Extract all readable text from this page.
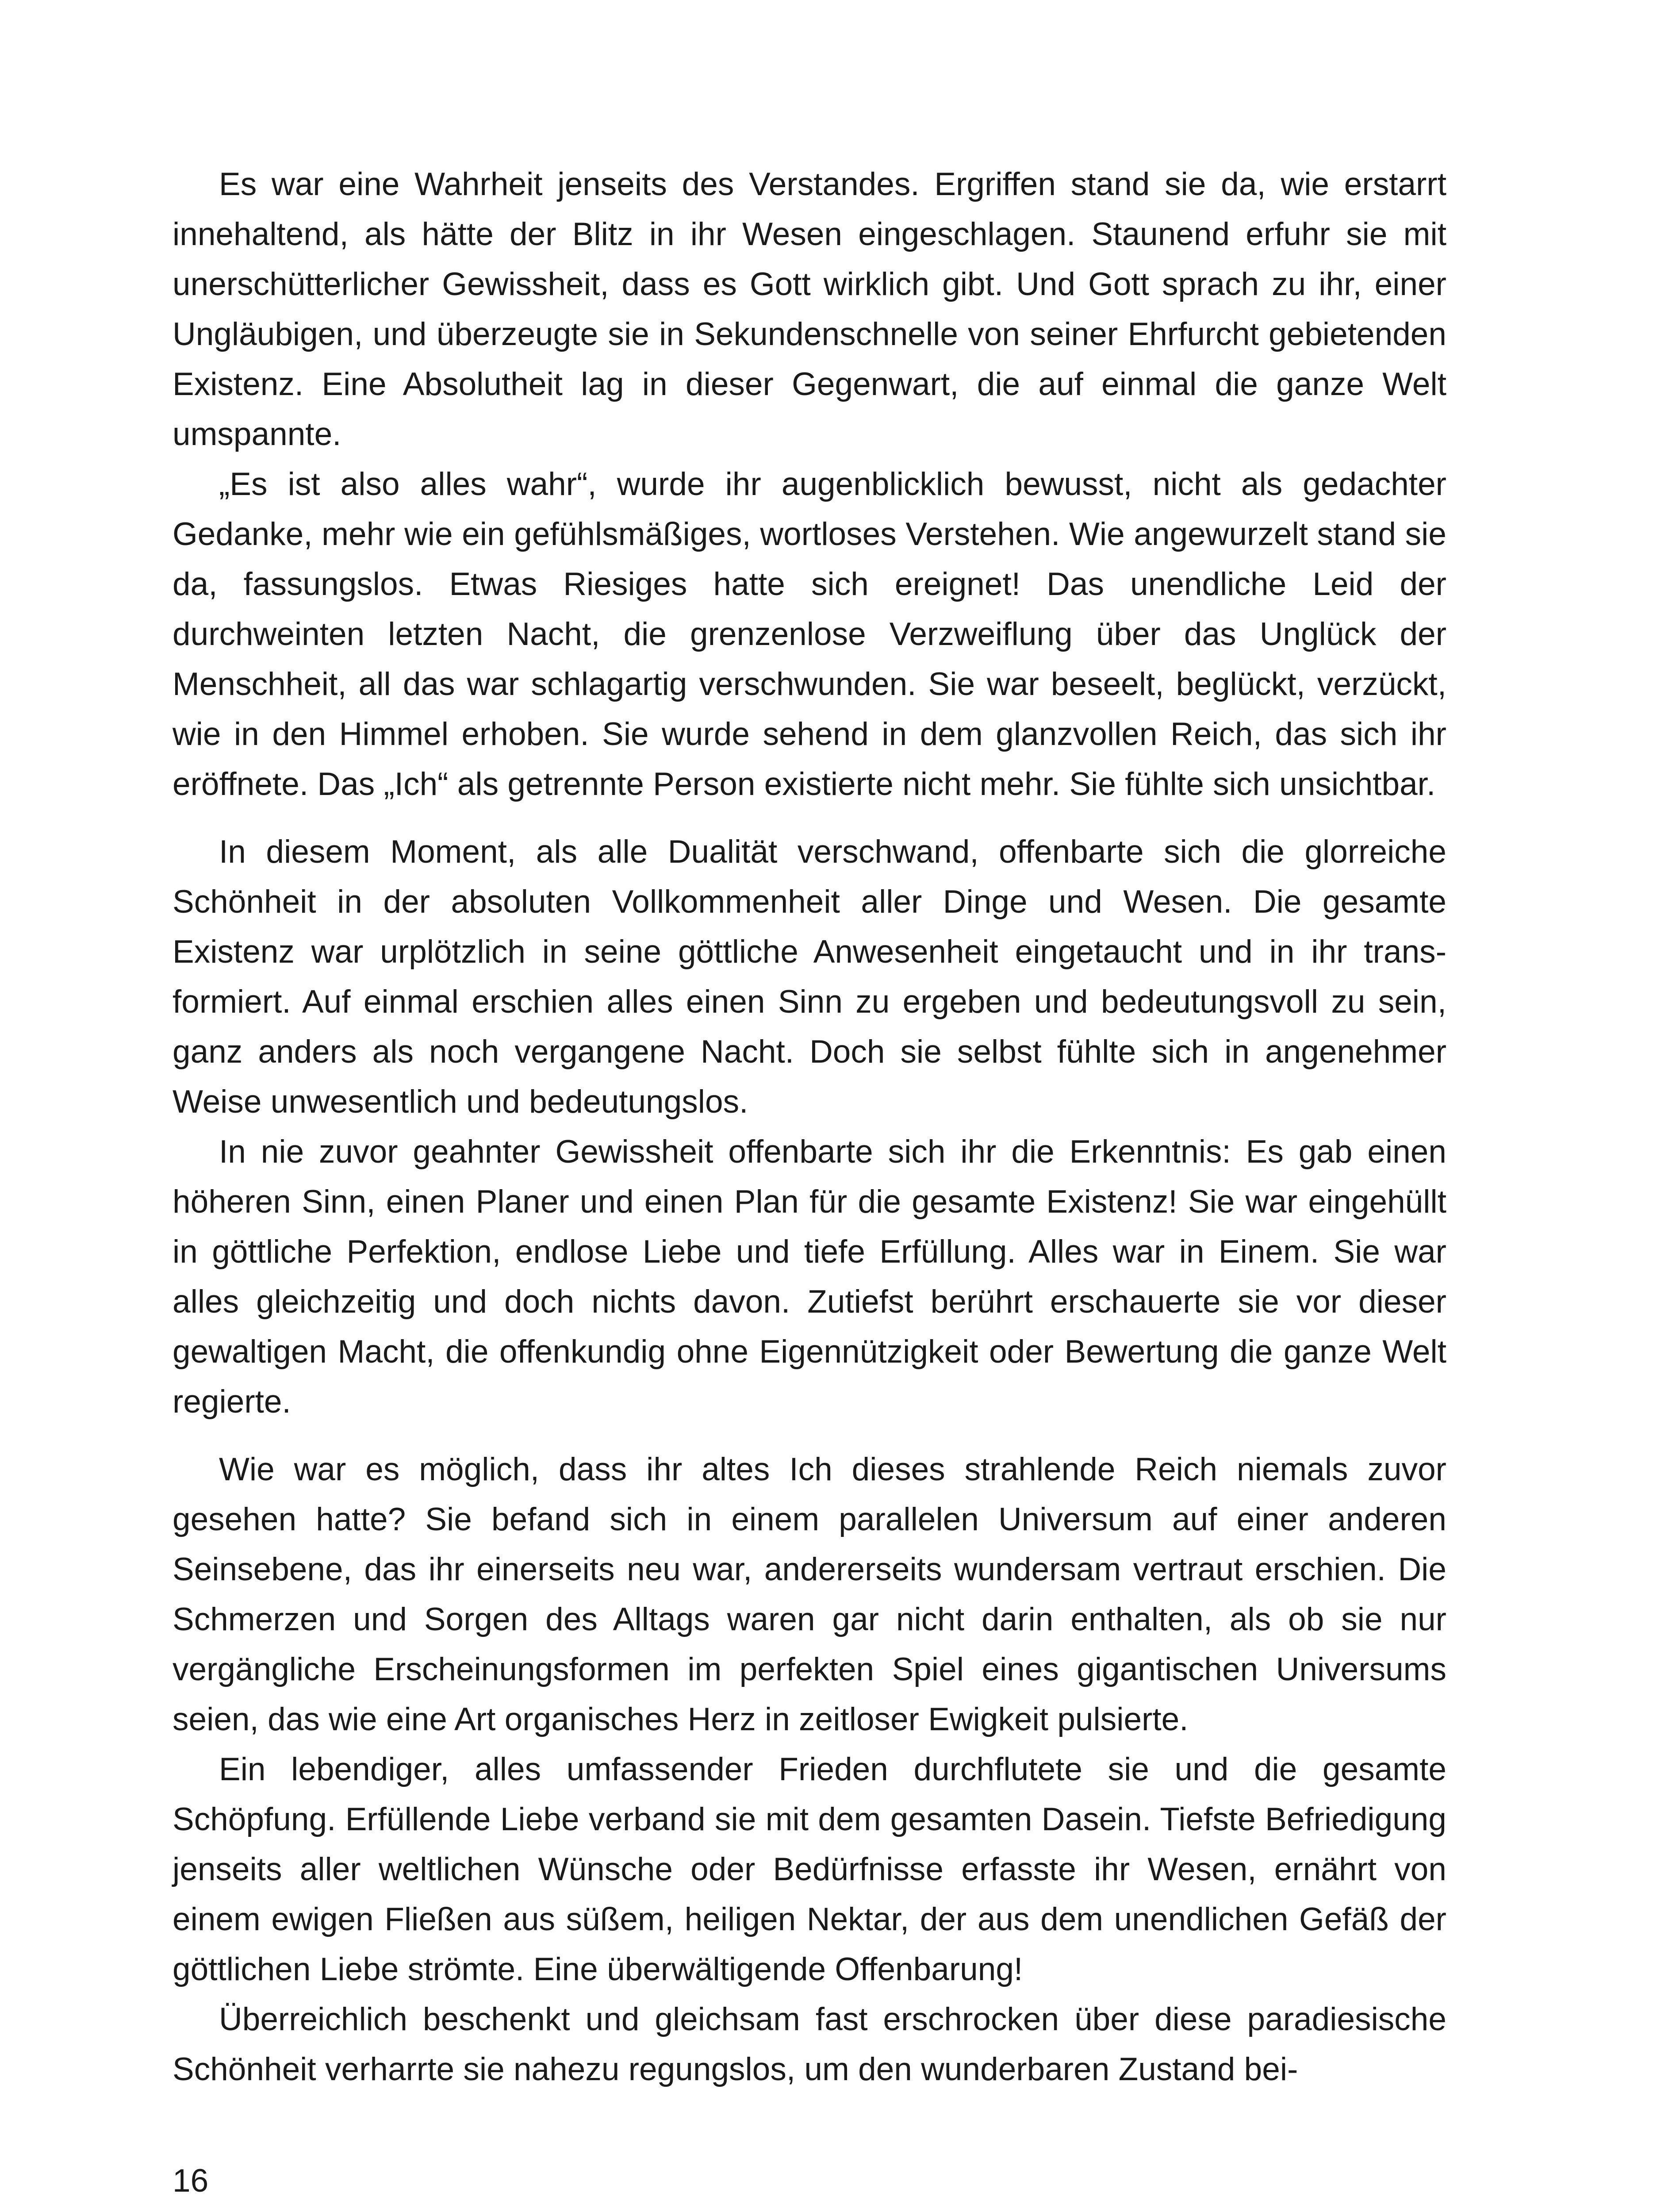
Es war eine Wahrheit jenseits des Verstandes. Ergriffen stand sie da, wie erstarrt innehaltend, als hätte der Blitz in ihr Wesen eingeschlagen. Staunend erfuhr sie mit unerschütterlicher Gewissheit, dass es Gott wirklich gibt. Und Gott sprach zu ihr, einer Ungläubigen, und überzeugte sie in Sekundenschnelle von seiner Ehrfurcht gebietenden Existenz. Eine Absolutheit lag in dieser Gegenwart, die auf einmal die ganze Welt umspannte.

„Es ist also alles wahr“, wurde ihr augenblicklich bewusst, nicht als gedachter Gedanke, mehr wie ein gefühlsmäßiges, wortloses Verstehen. Wie angewurzelt stand sie da, fassungslos. Etwas Riesiges hatte sich ereignet! Das unendliche Leid der durchweinten letzten Nacht, die grenzenlose Verzweiflung über das Unglück der Menschheit, all das war schlagartig verschwunden. Sie war beseelt, beglückt, verzückt, wie in den Himmel erhoben. Sie wurde sehend in dem glanzvollen Reich, das sich ihr eröffnete. Das „Ich“ als getrennte Person existierte nicht mehr. Sie fühlte sich unsichtbar.

In diesem Moment, als alle Dualität verschwand, offenbarte sich die glorreiche Schönheit in der absoluten Vollkommenheit aller Dinge und Wesen. Die gesamte Existenz war urplötzlich in seine göttliche Anwesenheit eingetaucht und in ihr transformiert. Auf einmal erschien alles einen Sinn zu ergeben und bedeutungsvoll zu sein, ganz anders als noch vergangene Nacht. Doch sie selbst fühlte sich in angenehmer Weise unwesentlich und bedeutungslos.

In nie zuvor geahnter Gewissheit offenbarte sich ihr die Erkenntnis: Es gab einen höheren Sinn, einen Planer und einen Plan für die gesamte Existenz! Sie war eingehüllt in göttliche Perfektion, endlose Liebe und tiefe Erfüllung. Alles war in Einem. Sie war alles gleichzeitig und doch nichts davon. Zutiefst berührt erschauerte sie vor dieser gewaltigen Macht, die offenkundig ohne Eigennützigkeit oder Bewertung die ganze Welt regierte.

Wie war es möglich, dass ihr altes Ich dieses strahlende Reich niemals zuvor gesehen hatte? Sie befand sich in einem parallelen Universum auf einer anderen Seinsebene, das ihr einerseits neu war, andererseits wundersam vertraut erschien. Die Schmerzen und Sorgen des Alltags waren gar nicht darin enthalten, als ob sie nur vergängliche Erscheinungsformen im perfekten Spiel eines gigantischen Universums seien, das wie eine Art organisches Herz in zeitloser Ewigkeit pulsierte.

Ein lebendiger, alles umfassender Frieden durchflutete sie und die gesamte Schöpfung. Erfüllende Liebe verband sie mit dem gesamten Dasein. Tiefste Befriedigung jenseits aller weltlichen Wünsche oder Bedürfnisse erfasste ihr Wesen, ernährt von einem ewigen Fließen aus süßem, heiligen Nektar, der aus dem unendlichen Gefäß der göttlichen Liebe strömte. Eine überwältigende Offenbarung!

Überreichlich beschenkt und gleichsam fast erschrocken über diese paradiesische Schönheit verharrte sie nahezu regungslos, um den wunderbaren Zustand bei-

16
